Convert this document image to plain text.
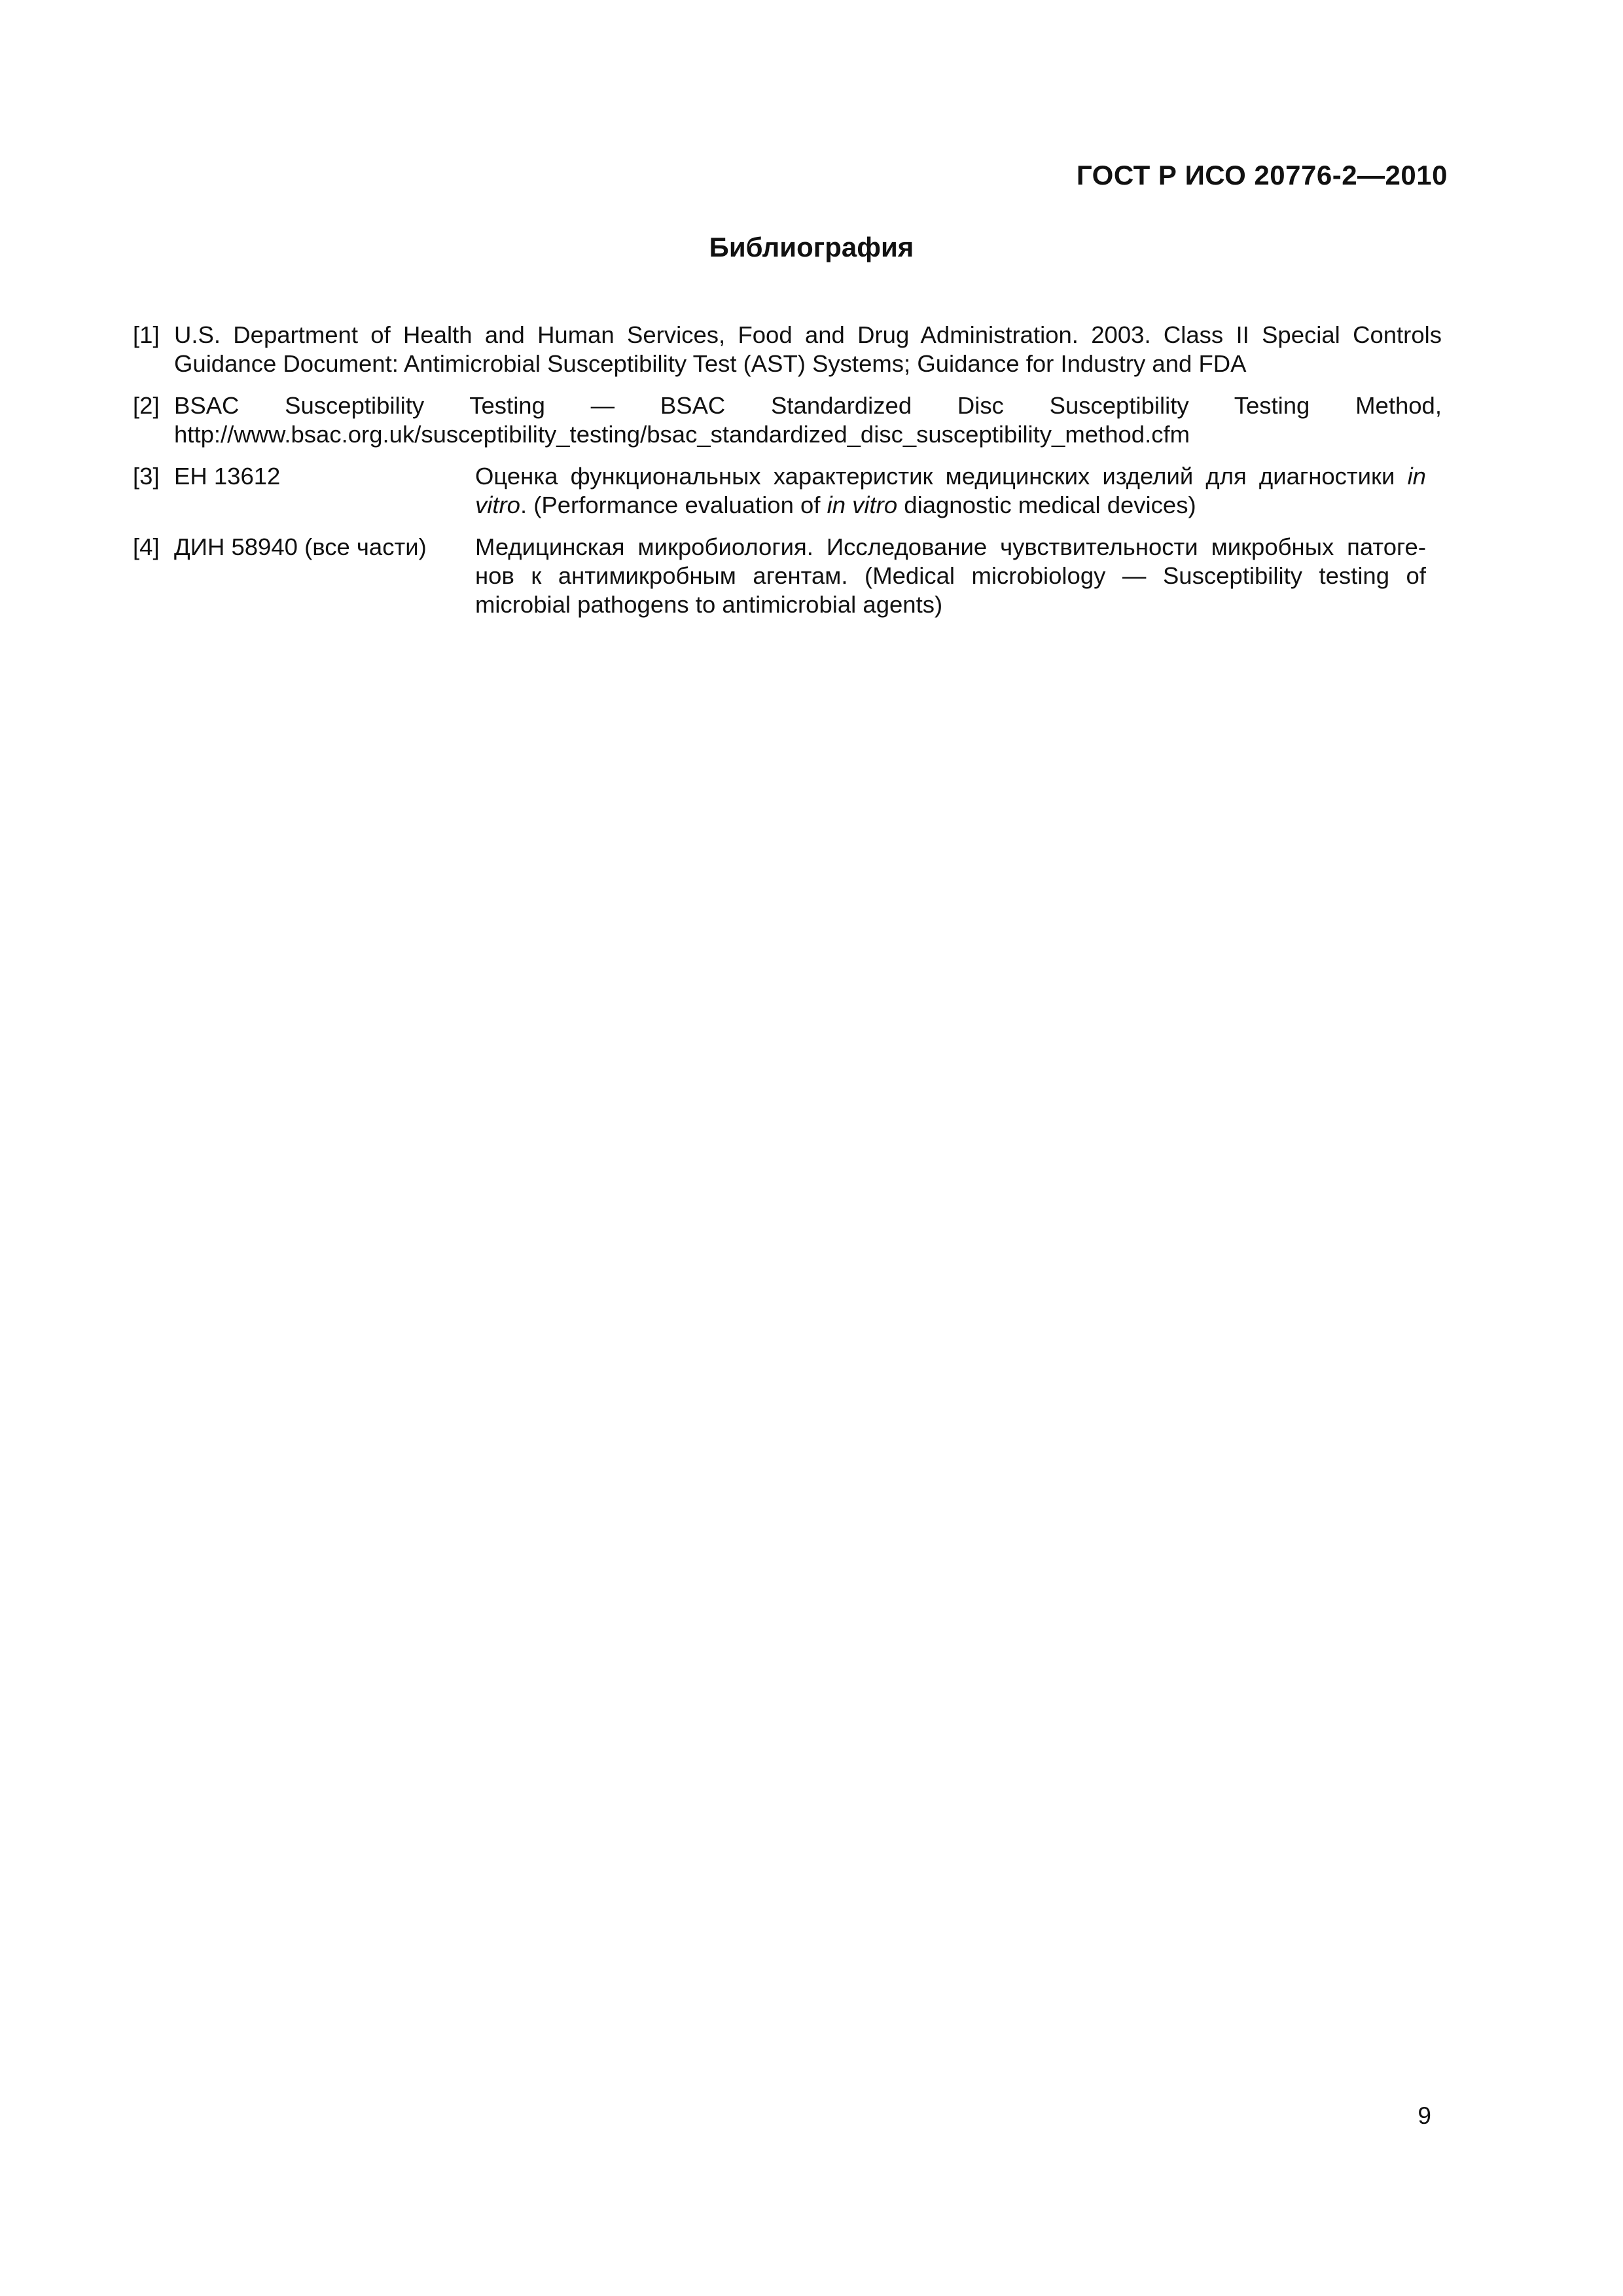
ГОСТ Р ИСО 20776-2—2010
Библиография
[1] U.S. Department of Health and Human Services, Food and Drug Administration. 2003. Class II Special Controls
Guidance Document: Antimicrobial Susceptibility Test (AST) Systems; Guidance for Industry and FDA
[2] BSAC Susceptibility Testing — BSAC Standardized Disc Susceptibility Testing Method,
http://www.bsac.org.uk/susceptibility_testing/bsac_standardized_disc_susceptibility_method.cfm
[3] ЕН 13612	Оценка функциональных характеристик медицинских изделий для диагностики in
vitro. (Performance evaluation of in vitro diagnostic medical devices)
[4] ДИН 58940 (все части)	Медицинская микробиология. Исследование чувствительности микробных патоге-
нов к антимикробным агентам. (Medical microbiology — Susceptibility testing of
microbial pathogens to antimicrobial agents)
9
